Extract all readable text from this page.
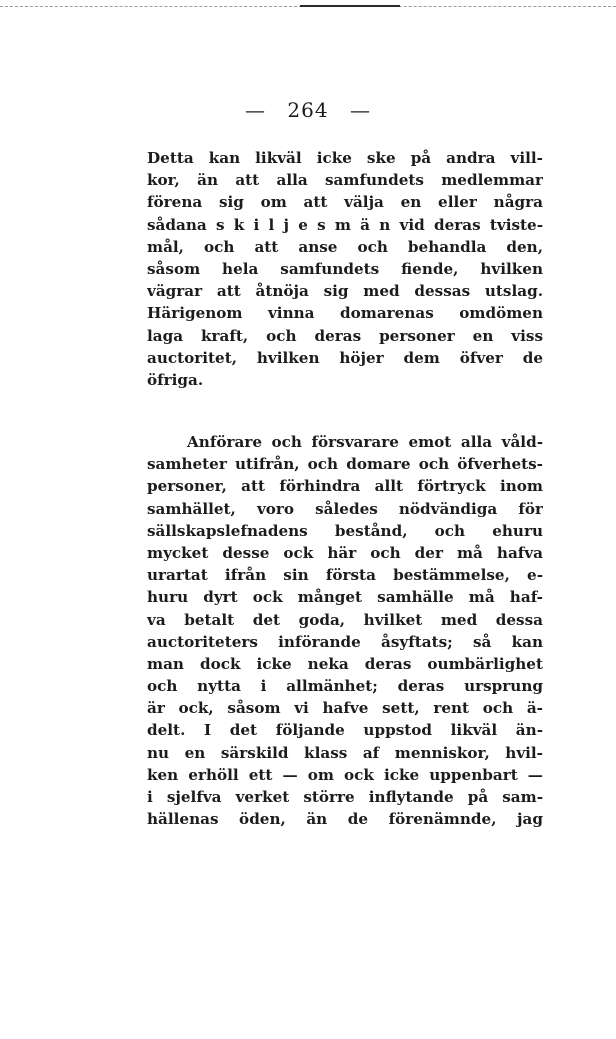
— 264 —
Detta kan likväl icke ske på andra vill-
kor, än att alla samfundets medlemmar
förena sig om att välja en eller några
sådana s k i l j e s m ä n vid deras tviste-
mål, och att anse och behandla den,
såsom hela samfundets fiende, hvilken
vägrar att åtnöja sig med dessas utslag.
Härigenom vinna domarenas omdömen
laga kraft, och deras personer en viss
auctoritet, hvilken höjer dem öfver de
öfriga.
Anförare och försvarare emot alla våld-
samheter utifrån, och domare och öfverhets-
personer, att förhindra allt förtryck inom
samhället, voro således nödvändiga för
sällskapslefnadens bestånd, och ehuru
mycket desse ock här och der må hafva
urartat ifrån sin första bestämmelse, e-
huru dyrt ock månget samhälle må haf-
va betalt det goda, hvilket med dessa
auctoriteters införande åsyftats; så kan
man dock icke neka deras oumbärlighet
och nytta i allmänhet; deras ursprung
är ock, såsom vi hafve sett, rent och ä-
delt. I det följande uppstod likväl än-
nu en särskild klass af menniskor, hvil-
ken erhöll ett — om ock icke uppenbart —
i sjelfva verket större inflytande på sam-
hällenas öden, än de förenämnde, jag
